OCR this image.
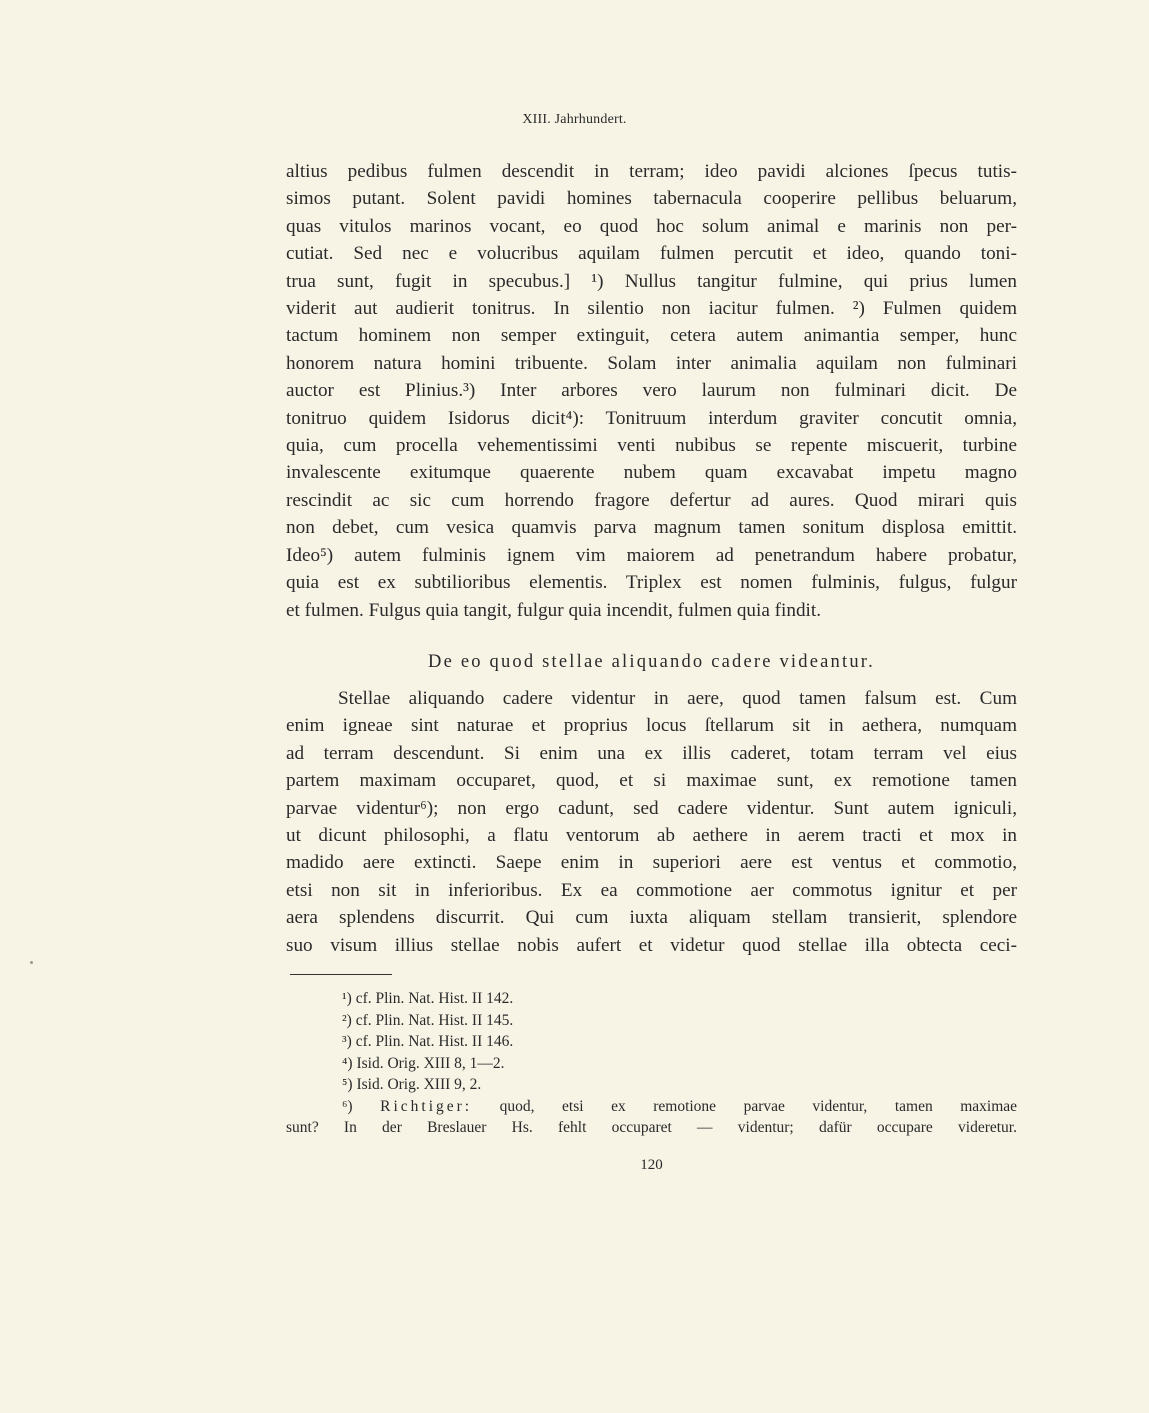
XIII. Jahrhundert.
altius pedibus fulmen descendit in terram; ideo pavidi alciones ſpecus tutis-
simos putant. Solent pavidi homines tabernacula cooperire pellibus beluarum,
quas vitulos marinos vocant, eo quod hoc solum animal e marinis non per-
cutiat. Sed nec e volucribus aquilam fulmen percutit et ideo, quando toni-
trua sunt, fugit in specubus.] ¹) Nullus tangitur fulmine, qui prius lumen
viderit aut audierit tonitrus. In silentio non iacitur fulmen. ²) Fulmen quidem
tactum hominem non semper extinguit, cetera autem animantia semper, hunc
honorem natura homini tribuente. Solam inter animalia aquilam non fulminari
auctor est Plinius.³) Inter arbores vero laurum non fulminari dicit. De
tonitruo quidem Isidorus dicit⁴): Tonitruum interdum graviter concutit omnia,
quia, cum procella vehementissimi venti nubibus se repente miscuerit, turbine
invalescente exitumque quaerente nubem quam excavabat impetu magno
rescindit ac sic cum horrendo fragore defertur ad aures. Quod mirari quis
non debet, cum vesica quamvis parva magnum tamen sonitum displosa emittit.
Ideo⁵) autem fulminis ignem vim maiorem ad penetrandum habere probatur,
quia est ex subtilioribus elementis. Triplex est nomen fulminis, fulgus, fulgur
et fulmen. Fulgus quia tangit, fulgur quia incendit, fulmen quia findit.
De eo quod stellae aliquando cadere videantur.
Stellae aliquando cadere videntur in aere, quod tamen falsum est. Cum
enim igneae sint naturae et proprius locus ſtellarum sit in aethera, numquam
ad terram descendunt. Si enim una ex illis caderet, totam terram vel eius
partem maximam occuparet, quod, et si maximae sunt, ex remotione tamen
parvae videntur⁶); non ergo cadunt, sed cadere videntur. Sunt autem igniculi,
ut dicunt philosophi, a flatu ventorum ab aethere in aerem tracti et mox in
madido aere extincti. Saepe enim in superiori aere est ventus et commotio,
etsi non sit in inferioribus. Ex ea commotione aer commotus ignitur et per
aera splendens discurrit. Qui cum iuxta aliquam stellam transierit, splendore
suo visum illius stellae nobis aufert et videtur quod stellae illa obtecta ceci-
¹) cf. Plin. Nat. Hist. II 142.
²) cf. Plin. Nat. Hist. II 145.
³) cf. Plin. Nat. Hist. II 146.
⁴) Isid. Orig. XIII 8, 1—2.
⁵) Isid. Orig. XIII 9, 2.
⁶) Richtiger: quod, etsi ex remotione parvae videntur, tamen maximae
sunt? In der Breslauer Hs. fehlt occuparet — videntur; dafür occupare videretur.
120
